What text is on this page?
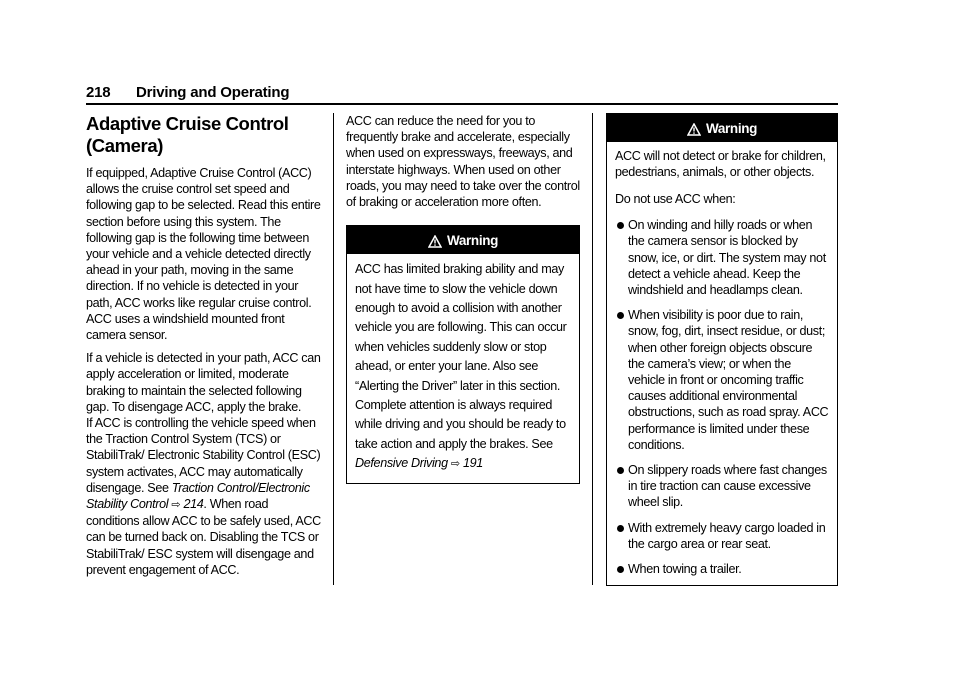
218 Driving and Operating
Adaptive Cruise Control (Camera)

If equipped, Adaptive Cruise Control (ACC) allows the cruise control set speed and following gap to be selected. Read this entire section before using this system. The following gap is the following time between your vehicle and a vehicle detected directly ahead in your path, moving in the same direction. If no vehicle is detected in your path, ACC works like regular cruise control. ACC uses a windshield mounted front camera sensor.

If a vehicle is detected in your path, ACC can apply acceleration or limited, moderate braking to maintain the selected following gap. To disengage ACC, apply the brake.

If ACC is controlling the vehicle speed when the Traction Control System (TCS) or StabiliTrak/ Electronic Stability Control (ESC) system activates, ACC may automatically disengage. See Traction Control/Electronic Stability Control ⇨ 214. When road conditions allow ACC to be safely used, ACC can be turned back on. Disabling the TCS or StabiliTrak/ ESC system will disengage and prevent engagement of ACC.

ACC can reduce the need for you to frequently brake and accelerate, especially when used on expressways, freeways, and interstate highways. When used on other roads, you may need to take over the control of braking or acceleration more often.

Warning

ACC has limited braking ability and may not have time to slow the vehicle down enough to avoid a collision with another vehicle you are following. This can occur when vehicles suddenly slow or stop ahead, or enter your lane. Also see “Alerting the Driver” later in this section. Complete attention is always required while driving and you should be ready to take action and apply the brakes. See Defensive Driving ⇨ 191

Warning

ACC will not detect or brake for children, pedestrians, animals, or other objects.

Do not use ACC when:

On winding and hilly roads or when the camera sensor is blocked by snow, ice, or dirt. The system may not detect a vehicle ahead. Keep the windshield and headlamps clean.
When visibility is poor due to rain, snow, fog, dirt, insect residue, or dust; when other foreign objects obscure the camera’s view; or when the vehicle in front or oncoming traffic causes additional environmental obstructions, such as road spray. ACC performance is limited under these conditions.
On slippery roads where fast changes in tire traction can cause excessive wheel slip.
With extremely heavy cargo loaded in the cargo area or rear seat.
When towing a trailer.
